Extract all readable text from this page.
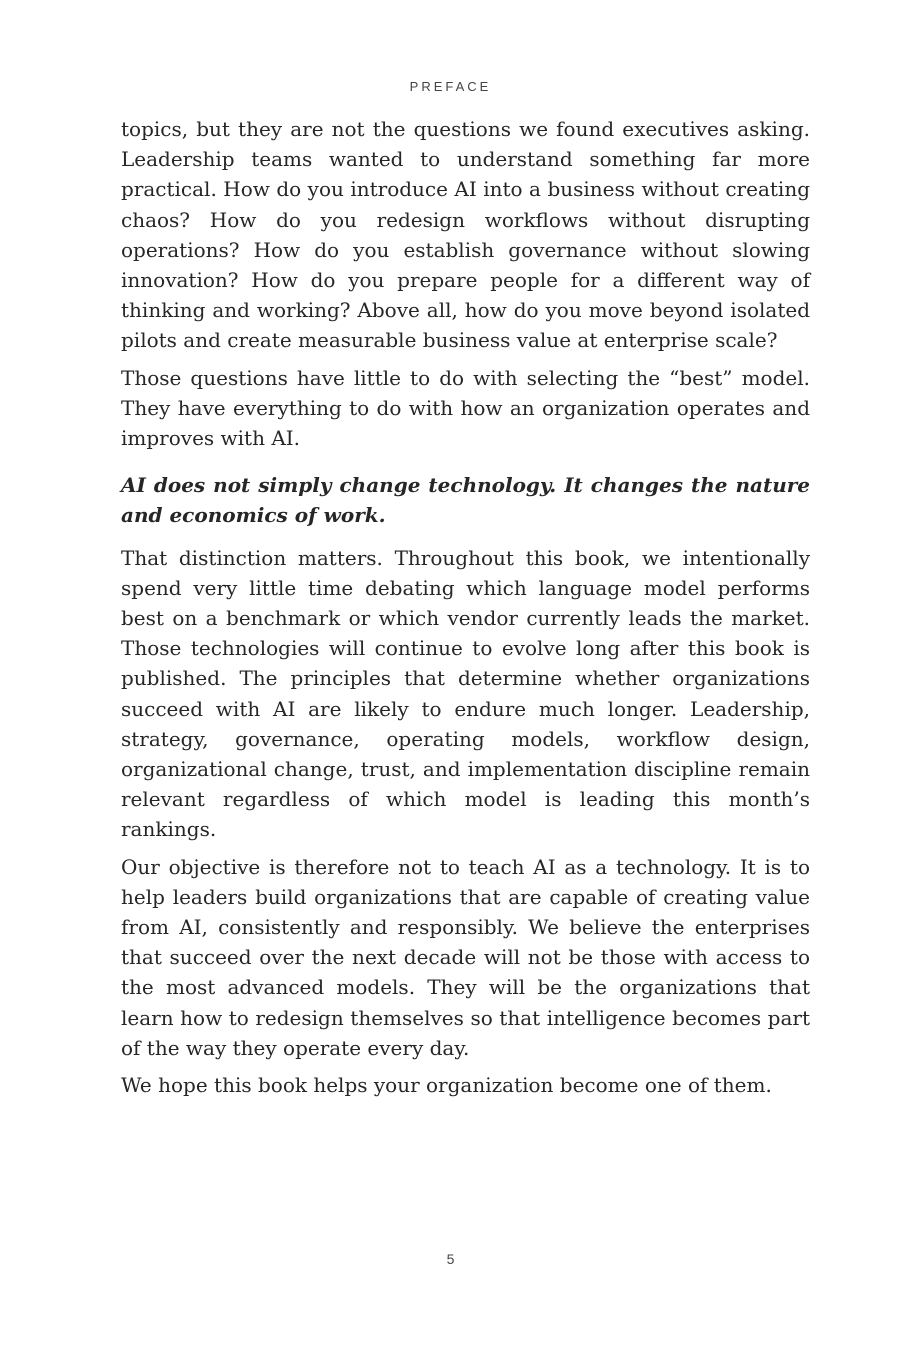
PREFACE

topics, but they are not the questions we found executives asking. Leadership teams wanted to understand something far more practical. How do you introduce AI into a business without creating chaos? How do you redesign workflows without disrupting operations? How do you establish governance without slowing innovation? How do you prepare people for a different way of thinking and working? Above all, how do you move beyond isolated pilots and create measurable business value at enterprise scale?

Those questions have little to do with selecting the “best” model. They have everything to do with how an organization operates and improves with AI.

AI does not simply change technology. It changes the nature and economics of work.

That distinction matters. Throughout this book, we intentionally spend very little time debating which language model performs best on a benchmark or which vendor currently leads the market. Those technologies will continue to evolve long after this book is published. The principles that determine whether organizations succeed with AI are likely to endure much longer. Leadership, strategy, governance, operating models, workflow design, organizational change, trust, and implementation discipline remain relevant regardless of which model is leading this month’s rankings.

Our objective is therefore not to teach AI as a technology. It is to help leaders build organizations that are capable of creating value from AI, consistently and responsibly. We believe the enterprises that succeed over the next decade will not be those with access to the most advanced models. They will be the organizations that learn how to redesign themselves so that intelligence becomes part of the way they operate every day.

We hope this book helps your organization become one of them.

5
